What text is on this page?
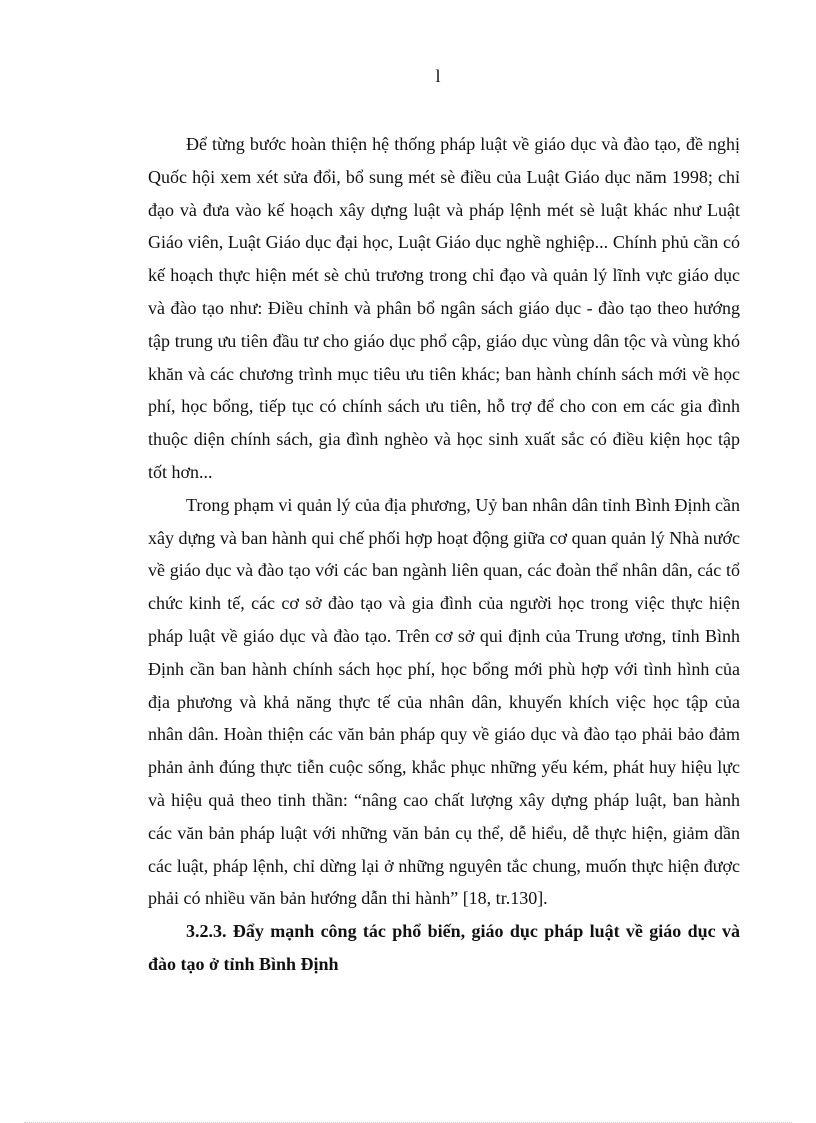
l

Để từng bước hoàn thiện hệ thống pháp luật về giáo dục và đào tạo, đề nghị Quốc hội xem xét sửa đổi, bổ sung mét sè điều của Luật Giáo dục năm 1998; chỉ đạo và đưa vào kế hoạch xây dựng luật và pháp lệnh mét sè luật khác như Luật Giáo viên, Luật Giáo dục đại học, Luật Giáo dục nghề nghiệp... Chính phủ cần có kế hoạch thực hiện mét sè chủ trương trong chỉ đạo và quản lý lĩnh vực giáo dục và đào tạo như: Điều chỉnh và phân bổ ngân sách giáo dục - đào tạo theo hướng tập trung ưu tiên đầu tư cho giáo dục phổ cập, giáo dục vùng dân tộc và vùng khó khăn và các chương trình mục tiêu ưu tiên khác; ban hành chính sách mới về học phí, học bổng, tiếp tục có chính sách ưu tiên, hỗ trợ để cho con em các gia đình thuộc diện chính sách, gia đình nghèo và học sinh xuất sắc có điều kiện học tập tốt hơn...

Trong phạm vi quản lý của địa phương, Uỷ ban nhân dân tỉnh Bình Định cần xây dựng và ban hành qui chế phối hợp hoạt động giữa cơ quan quản lý Nhà nước về giáo dục và đào tạo với các ban ngành liên quan, các đoàn thể nhân dân, các tổ chức kinh tế, các cơ sở đào tạo và gia đình của người học trong việc thực hiện pháp luật về giáo dục và đào tạo. Trên cơ sở qui định của Trung ương, tỉnh Bình Định cần ban hành chính sách học phí, học bổng mới phù hợp với tình hình của địa phương và khả năng thực tế của nhân dân, khuyến khích việc học tập của nhân dân. Hoàn thiện các văn bản pháp quy về giáo dục và đào tạo phải bảo đảm phản ảnh đúng thực tiễn cuộc sống, khắc phục những yếu kém, phát huy hiệu lực và hiệu quả theo tinh thần: “nâng cao chất lượng xây dựng pháp luật, ban hành các văn bản pháp luật với những văn bản cụ thể, dễ hiểu, dễ thực hiện, giảm dần các luật, pháp lệnh, chỉ dừng lại ở những nguyên tắc chung, muốn thực hiện được phải có nhiều văn bản hướng dẫn thi hành” [18, tr.130].

3.2.3. Đẩy mạnh công tác phổ biến, giáo dục pháp luật về giáo dục và đào tạo ở tỉnh Bình Định
